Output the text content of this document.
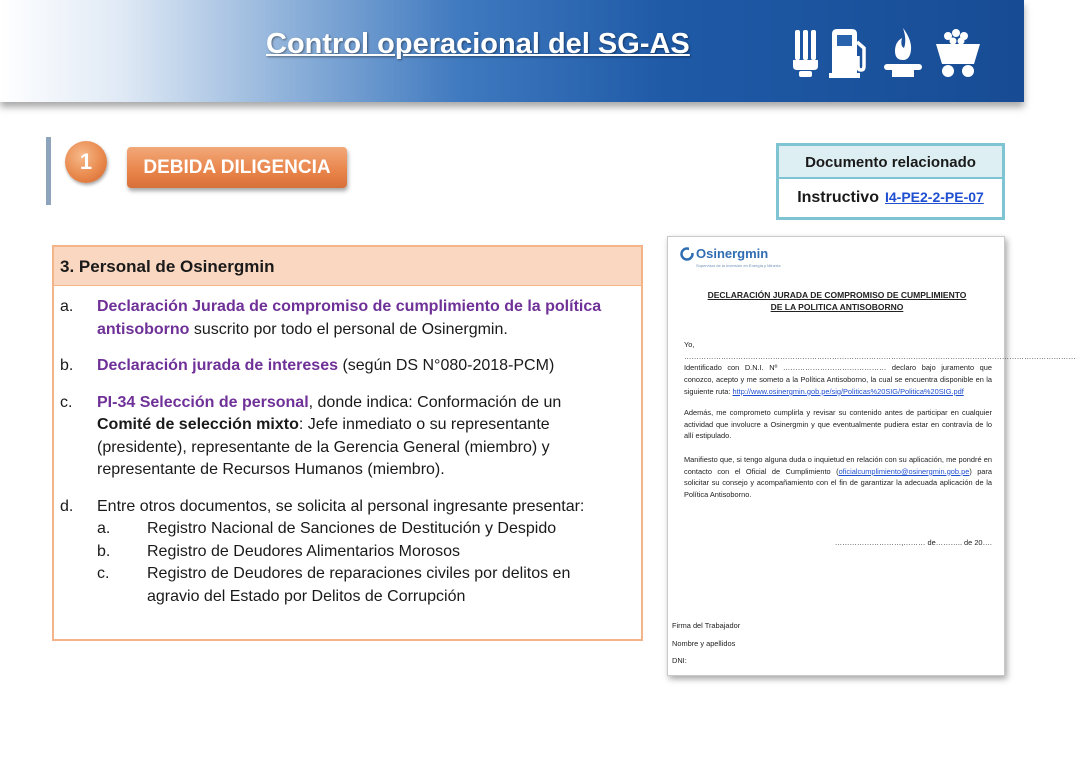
Control operacional del SG-AS
1	DEBIDA DILIGENCIA	Documento relacionado
Instructivo I4-PE2-2-PE-07
3. Personal de Osinergmin
a.	Declaración Jurada de compromiso de cumplimiento de la política antisoborno suscrito por todo el personal de Osinergmin.
b.	Declaración jurada de intereses (según DS N°080-2018-PCM)
c.	PI-34 Selección de personal, donde indica: Conformación de un Comité de selección mixto: Jefe inmediato o su representante (presidente), representante de la Gerencia General (miembro) y representante de Recursos Humanos (miembro).
d.	Entre otros documentos, se solicita al personal ingresante presentar:
a.	Registro Nacional de Sanciones de Destitución y Despido
b.	Registro de Deudores Alimentarios Morosos
c.	Registro de Deudores de reparaciones civiles por delitos en agravio del Estado por Delitos de Corrupción
Osinergmin
Supervisor de la Inversión en Energía y Minería
DECLARACIÓN JURADA DE COMPROMISO DE CUMPLIMIENTO
DE LA POLITICA ANTISOBORNO
Yo, …………………………………………………………………………………………………………………………………………… Identificado con D.N.I. Nº …………………………………… declaro bajo juramento que conozco, acepto y me someto a la Política Antisoborno, la cual se encuentra disponible en la siguiente ruta: http://www.osinergmin.gob.pe/sig/Politicas%20SIG/Politica%20SIG.pdf
Además, me comprometo cumplirla y revisar su contenido antes de participar en cualquier actividad que involucre a Osinergmin y que eventualmente pudiera estar en contravía de lo allí estipulado.
Manifiesto que, si tengo alguna duda o inquietud en relación con su aplicación, me pondré en contacto con el Oficial de Cumplimiento (oficialcumplimiento@osinergmin.gob.pe) para solicitar su consejo y acompañamiento con el fin de garantizar la adecuada aplicación de la Política Antisoborno.
………………………,……… de……….. de 20….
Firma del Trabajador
Nombre y apellidos
DNI:
